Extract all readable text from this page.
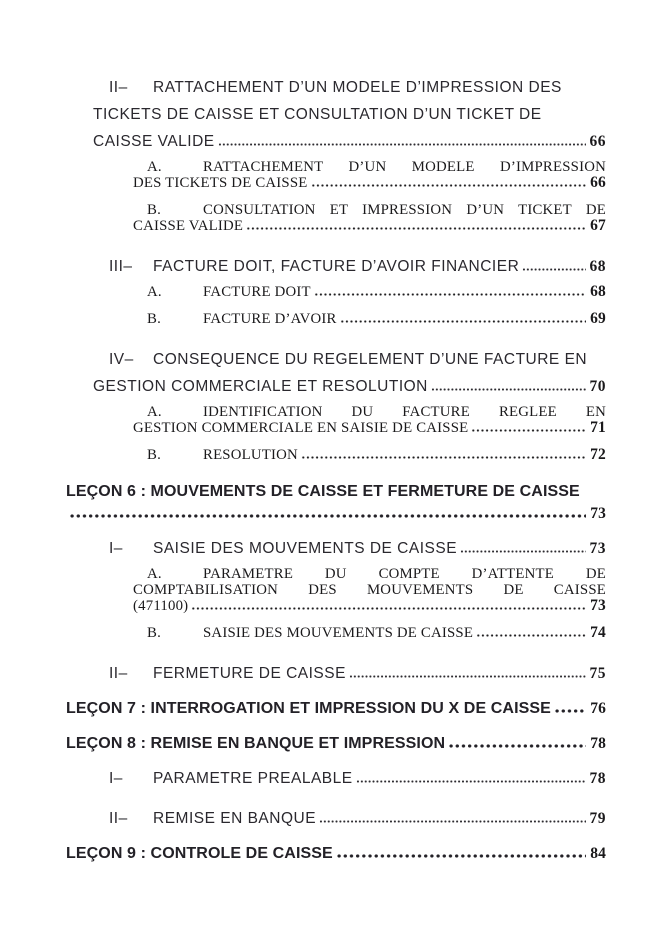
II– RATTACHEMENT D’UN MODELE D’IMPRESSION DES
TICKETS DE CAISSE ET CONSULTATION D’UN TICKET DE
CAISSE VALIDE	66
A.	RATTACHEMENT D’UN MODELE D’IMPRESSION
DES TICKETS DE CAISSE	66
B.	CONSULTATION ET IMPRESSION D’UN TICKET DE
CAISSE VALIDE	67
III–	FACTURE DOIT, FACTURE D’AVOIR FINANCIER	68
A.	FACTURE DOIT	68
B.	FACTURE D’AVOIR	69
IV– CONSEQUENCE DU REGELEMENT D’UNE FACTURE EN
GESTION COMMERCIALE ET RESOLUTION	70
A.	IDENTIFICATION DU FACTURE REGLEE EN
GESTION COMMERCIALE EN SAISIE DE CAISSE	71
B.	RESOLUTION	72
LEÇON 6 : MOUVEMENTS DE CAISSE ET FERMETURE DE CAISSE
73
I–	SAISIE DES MOUVEMENTS DE CAISSE	73
A.	PARAMETRE DU COMPTE D’ATTENTE DE
COMPTABILISATION DES MOUVEMENTS DE CAISSE
(471100)	73
B.	SAISIE DES MOUVEMENTS DE CAISSE	74
II–	FERMETURE DE CAISSE	75
LEÇON 7 : INTERROGATION ET IMPRESSION DU X DE CAISSE	76
LEÇON 8 : REMISE EN BANQUE ET IMPRESSION	78
I–	PARAMETRE PREALABLE	78
II–	REMISE EN BANQUE	79
LEÇON 9 : CONTROLE DE CAISSE	84
